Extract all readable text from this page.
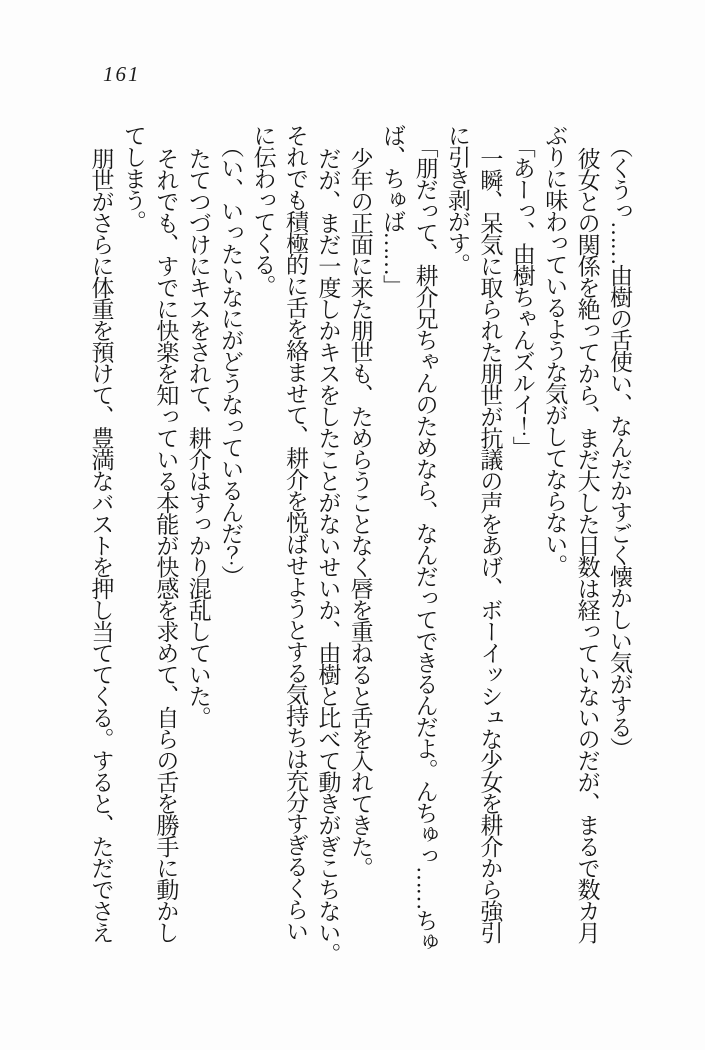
161

（くうっ……由樹の舌使い、なんだかすごく懐かしい気がする）

彼女との関係を絶ってから、まだ大した日数は経っていないのだが、まるで数カ月

ぶりに味わっているような気がしてならない。

「あーっ、由樹ちゃんズルイ！」

一瞬、呆気に取られた朋世が抗議の声をあげ、ボーイッシュな少女を耕介から強引

に引き剥がす。

「朋だって、耕介兄ちゃんのためなら、なんだってできるんだよ。んちゅっ……ちゅ

ば、ちゅば……」

少年の正面に来た朋世も、ためらうことなく唇を重ねると舌を入れてきた。

だが、まだ一度しかキスをしたことがないせいか、由樹と比べて動きがぎこちない。

それでも積極的に舌を絡ませて、耕介を悦ばせようとする気持ちは充分すぎるくらい

に伝わってくる。

（い、いったいなにがどうなっているんだ？）

たてつづけにキスをされて、耕介はすっかり混乱していた。

それでも、すでに快楽を知っている本能が快感を求めて、自らの舌を勝手に動かし

てしまう。

朋世がさらに体重を預けて、豊満なバストを押し当ててくる。すると、ただでさえ
